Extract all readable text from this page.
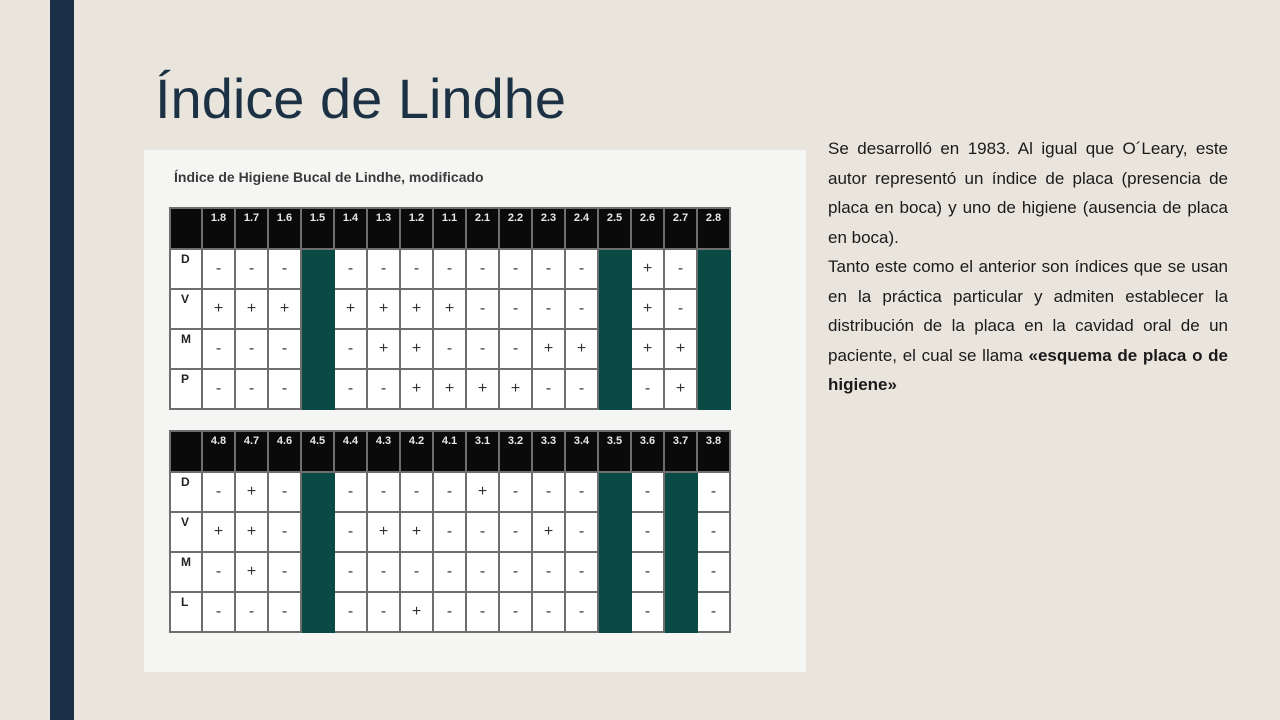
Índice de Lindhe
Índice de Higiene Bucal de Lindhe, modificado
	1.8	1.7	1.6	1.5	1.4	1.3	1.2	1.1	2.1	2.2	2.3	2.4	2.5	2.6	2.7	2.8
D	-	-	-		-	-	-	-	-	-	-	-		+	-	
V	+	+	+		+	+	+	+	-	-	-	-		+	-	
M	-	-	-		-	+	+	-	-	-	+	+		+	+	
P	-	-	-		-	-	+	+	+	+	-	-		-	+	
	4.8	4.7	4.6	4.5	4.4	4.3	4.2	4.1	3.1	3.2	3.3	3.4	3.5	3.6	3.7	3.8
D	-	+	-		-	-	-	-	+	-	-	-		-		-
V	+	+	-		-	+	+	-	-	-	+	-		-		-
M	-	+	-		-	-	-	-	-	-	-	-		-		-
L	-	-	-		-	-	+	-	-	-	-	-		-		-

Se desarrolló en 1983. Al igual que O´Leary, este autor representó un índice de placa (presencia de placa en boca) y uno de higiene (ausencia de placa en boca).

Tanto este como el anterior son índices que se usan en la práctica particular y admiten establecer la distribución de la placa en la cavidad oral de un paciente, el cual se llama «esquema de placa o de higiene»
